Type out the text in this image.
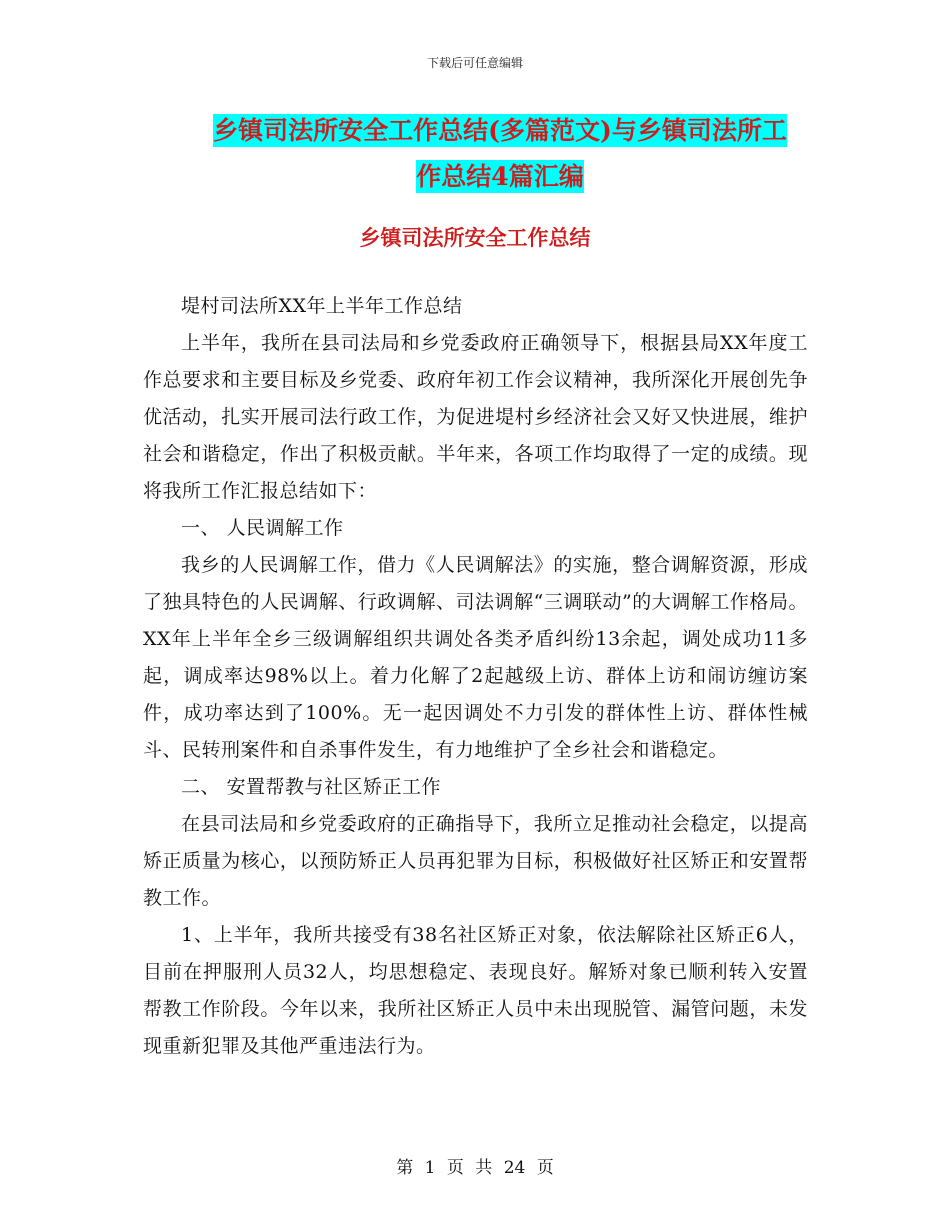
下载后可任意编辑
乡镇司法所安全工作总结(多篇范文)与乡镇司法所工
作总结4篇汇编
乡镇司法所安全工作总结

堤村司法所XX年上半年工作总结

上半年，我所在县司法局和乡党委政府正确领导下，根据县局XX年度工作总要求和主要目标及乡党委、政府年初工作会议精神，我所深化开展创先争优活动，扎实开展司法行政工作，为促进堤村乡经济社会又好又快进展，维护社会和谐稳定，作出了积极贡献。半年来，各项工作均取得了一定的成绩。现将我所工作汇报总结如下：

一、 人民调解工作

我乡的人民调解工作，借力《人民调解法》的实施，整合调解资源，形成了独具特色的人民调解、行政调解、司法调解“三调联动”的大调解工作格局。XX年上半年全乡三级调解组织共调处各类矛盾纠纷13余起，调处成功11多起，调成率达98%以上。着力化解了2起越级上访、群体上访和闹访缠访案件，成功率达到了100%。无一起因调处不力引发的群体性上访、群体性械斗、民转刑案件和自杀事件发生，有力地维护了全乡社会和谐稳定。

二、 安置帮教与社区矫正工作

在县司法局和乡党委政府的正确指导下，我所立足推动社会稳定，以提高矫正质量为核心，以预防矫正人员再犯罪为目标，积极做好社区矫正和安置帮教工作。

1、上半年，我所共接受有38名社区矫正对象，依法解除社区矫正6人，目前在押服刑人员32人，均思想稳定、表现良好。解矫对象已顺利转入安置帮教工作阶段。今年以来，我所社区矫正人员中未出现脱管、漏管问题，未发现重新犯罪及其他严重违法行为。

第 1 页 共 24 页
